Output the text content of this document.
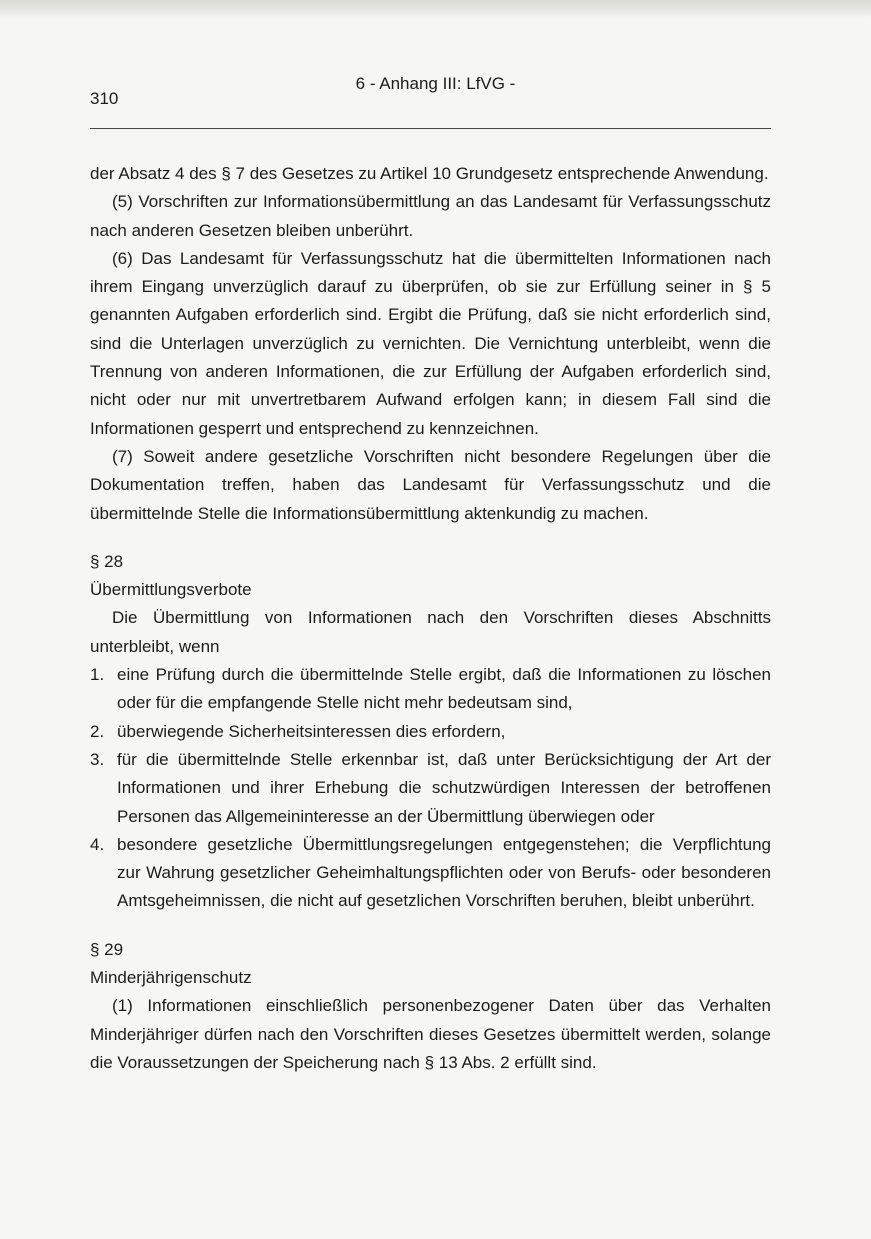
6 - Anhang III: LfVG -
310

der Absatz 4 des § 7 des Gesetzes zu Artikel 10 Grundgesetz entsprechende Anwendung.

(5) Vorschriften zur Informationsübermittlung an das Landesamt für Verfassungsschutz nach anderen Gesetzen bleiben unberührt.

(6) Das Landesamt für Verfassungsschutz hat die übermittelten Informationen nach ihrem Eingang unverzüglich darauf zu überprüfen, ob sie zur Erfüllung seiner in § 5 genannten Aufgaben erforderlich sind. Ergibt die Prüfung, daß sie nicht erforderlich sind, sind die Unterlagen unverzüglich zu vernichten. Die Vernichtung unterbleibt, wenn die Trennung von anderen Informationen, die zur Erfüllung der Aufgaben erforderlich sind, nicht oder nur mit unvertretbarem Aufwand erfolgen kann; in diesem Fall sind die Informationen gesperrt und entsprechend zu kennzeichnen.

(7) Soweit andere gesetzliche Vorschriften nicht besondere Regelungen über die Dokumentation treffen, haben das Landesamt für Verfassungsschutz und die übermittelnde Stelle die Informationsübermittlung aktenkundig zu machen.

§ 28

Übermittlungsverbote

Die Übermittlung von Informationen nach den Vorschriften dieses Abschnitts unterbleibt, wenn

1. eine Prüfung durch die übermittelnde Stelle ergibt, daß die Informationen zu löschen oder für die empfangende Stelle nicht mehr bedeutsam sind,
2. überwiegende Sicherheitsinteressen dies erfordern,
3. für die übermittelnde Stelle erkennbar ist, daß unter Berücksichtigung der Art der Informationen und ihrer Erhebung die schutzwürdigen Interessen der betroffenen Personen das Allgemeininteresse an der Übermittlung überwiegen oder
4. besondere gesetzliche Übermittlungsregelungen entgegenstehen; die Verpflichtung zur Wahrung gesetzlicher Geheimhaltungspflichten oder von Berufs- oder besonderen Amtsgeheimnissen, die nicht auf gesetzlichen Vorschriften beruhen, bleibt unberührt.

§ 29

Minderjährigenschutz

(1) Informationen einschließlich personenbezogener Daten über das Verhalten Minderjähriger dürfen nach den Vorschriften dieses Gesetzes übermittelt werden, solange die Voraussetzungen der Speicherung nach § 13 Abs. 2 erfüllt sind.
